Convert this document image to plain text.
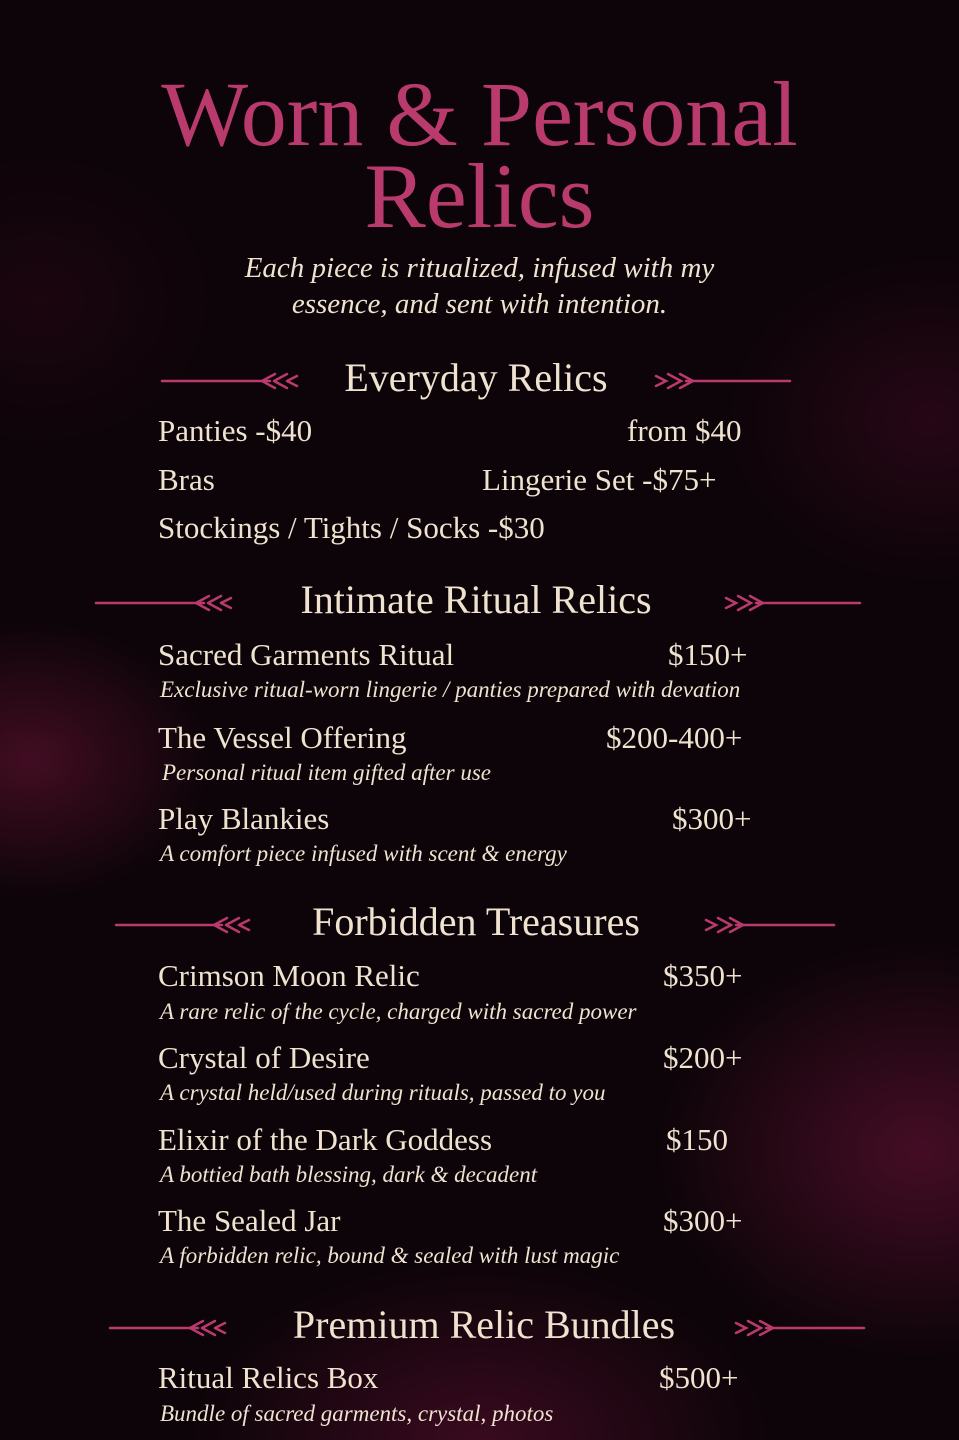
Worn & Personal
Relics
Each piece is ritualized, infused with my
essence, and sent with intention.
Everyday Relics
Panties -$40	from $40
Bras	Lingerie Set -$75+
Stockings / Tights / Socks -$30
Intimate Ritual Relics
Sacred Garments Ritual	$150+
Exclusive ritual-worn lingerie / panties prepared with devation
The Vessel Offering	$200-400+
Personal ritual item gifted after use
Play Blankies	$300+
A comfort piece infused with scent & energy
Forbidden Treasures
Crimson Moon Relic	$350+
A rare relic of the cycle, charged with sacred power
Crystal of Desire	$200+
A crystal held/used during rituals, passed to you
Elixir of the Dark Goddess	$150
A bottied bath blessing, dark & decadent
The Sealed Jar	$300+
A forbidden relic, bound & sealed with lust magic
Premium Relic Bundles
Ritual Relics Box	$500+
Bundle of sacred garments, crystal, photos
